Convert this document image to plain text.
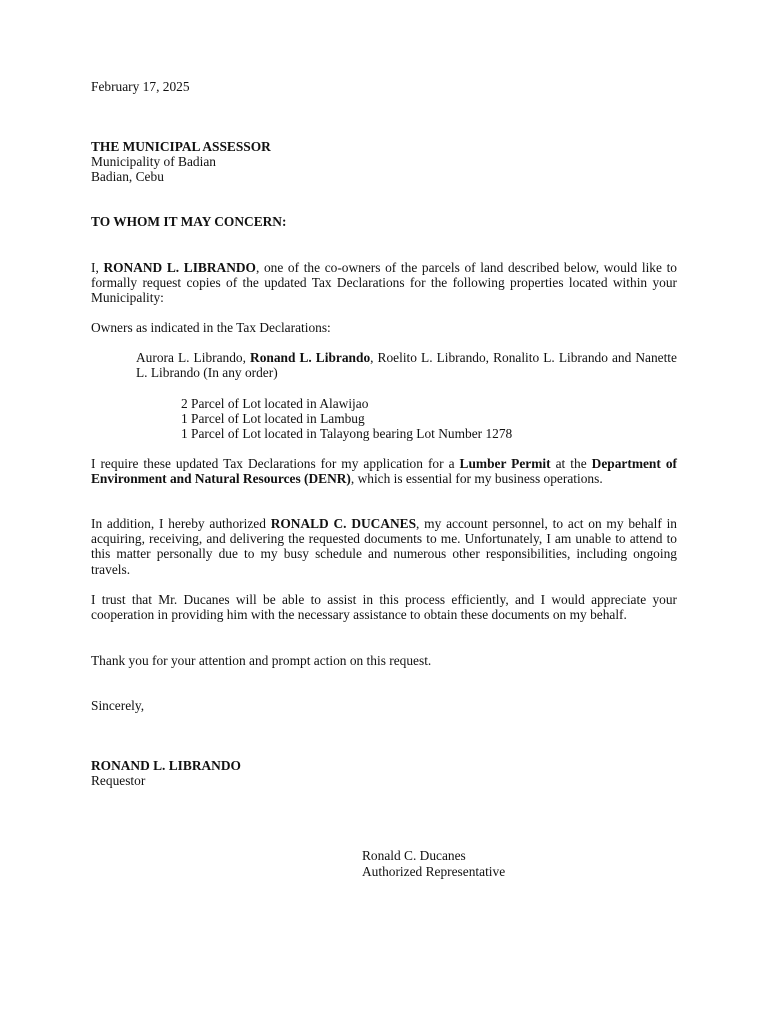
February 17, 2025
THE MUNICIPAL ASSESSOR
Municipality of Badian
Badian, Cebu
TO WHOM IT MAY CONCERN:
I, RONAND L. LIBRANDO, one of the co-owners of the parcels of land described below, would like to formally request copies of the updated Tax Declarations for the following properties located within your Municipality:
Owners as indicated in the Tax Declarations:
Aurora L. Librando, Ronand L. Librando, Roelito L. Librando, Ronalito L. Librando and Nanette L. Librando (In any order)
2 Parcel of Lot located in Alawijao
1 Parcel of Lot located in Lambug
1 Parcel of Lot located in Talayong bearing Lot Number 1278
I require these updated Tax Declarations for my application for a Lumber Permit at the Department of Environment and Natural Resources (DENR), which is essential for my business operations.
In addition, I hereby authorized RONALD C. DUCANES, my account personnel, to act on my behalf in acquiring, receiving, and delivering the requested documents to me. Unfortunately, I am unable to attend to this matter personally due to my busy schedule and numerous other responsibilities, including ongoing travels.
I trust that Mr. Ducanes will be able to assist in this process efficiently, and I would appreciate your cooperation in providing him with the necessary assistance to obtain these documents on my behalf.
Thank you for your attention and prompt action on this request.
Sincerely,
RONAND L. LIBRANDO
Requestor
Ronald C. Ducanes
Authorized Representative
